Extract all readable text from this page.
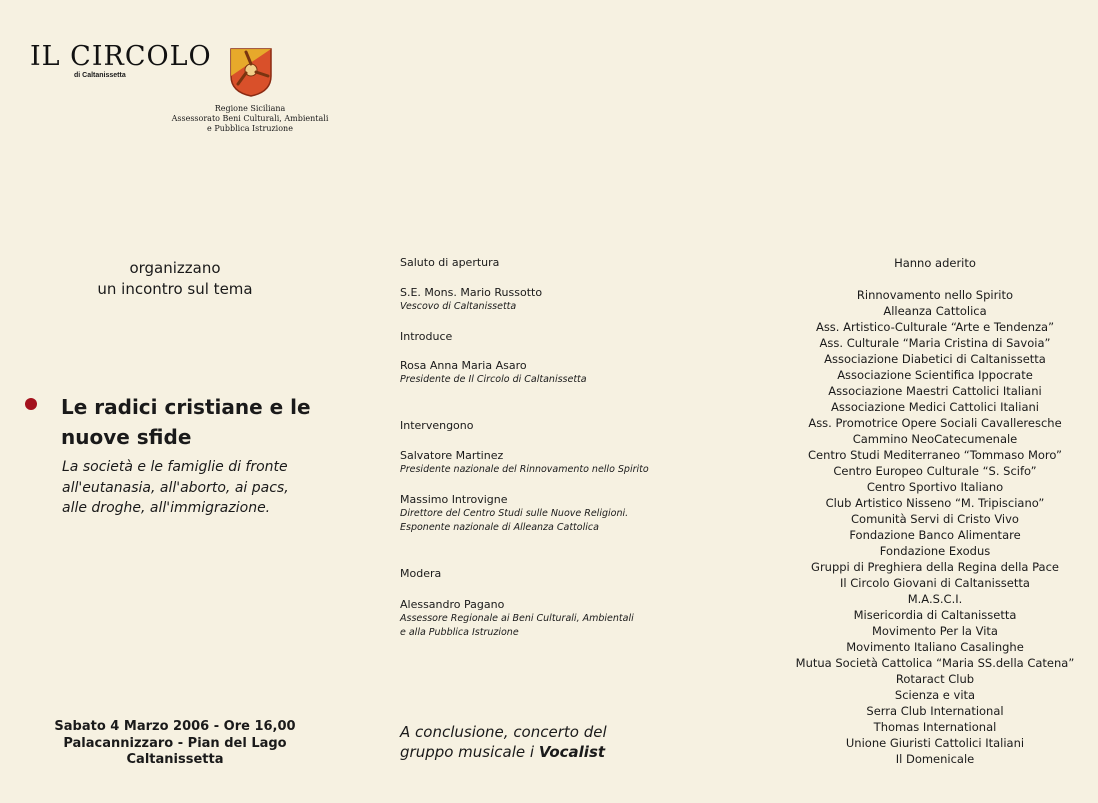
IL CIRCOLO
di Caltanissetta
Regione Siciliana
Assessorato Beni Culturali, Ambientali
e Pubblica Istruzione
organizzano
un incontro sul tema
Le radici cristiane e le
nuove sfide
La società e le famiglie di fronte
all'eutanasia, all'aborto, ai pacs,
alle droghe, all'immigrazione.
Sabato 4 Marzo 2006 - Ore 16,00
Palacannizzaro - Pian del Lago
Caltanissetta
Saluto di apertura
S.E. Mons. Mario Russotto
Vescovo di Caltanissetta
Introduce
Rosa Anna Maria Asaro
Presidente de Il Circolo di Caltanissetta
Intervengono
Salvatore Martinez
Presidente nazionale del Rinnovamento nello Spirito
Massimo Introvigne
Direttore del Centro Studi sulle Nuove Religioni.
Esponente nazionale di Alleanza Cattolica
Modera
Alessandro Pagano
Assessore Regionale ai Beni Culturali, Ambientali
e alla Pubblica Istruzione
A conclusione, concerto del
gruppo musicale i Vocalist
Hanno aderito
Rinnovamento nello Spirito
Alleanza Cattolica
Ass. Artistico-Culturale “Arte e Tendenza”
Ass. Culturale “Maria Cristina di Savoia”
Associazione Diabetici di Caltanissetta
Associazione Scientifica Ippocrate
Associazione Maestri Cattolici Italiani
Associazione Medici Cattolici Italiani
Ass. Promotrice Opere Sociali Cavalleresche
Cammino NeoCatecumenale
Centro Studi Mediterraneo “Tommaso Moro”
Centro Europeo Culturale “S. Scifo”
Centro Sportivo Italiano
Club Artistico Nisseno “M. Tripisciano”
Comunità Servi di Cristo Vivo
Fondazione Banco Alimentare
Fondazione Exodus
Gruppi di Preghiera della Regina della Pace
Il Circolo Giovani di Caltanissetta
M.A.S.C.I.
Misericordia di Caltanissetta
Movimento Per la Vita
Movimento Italiano Casalinghe
Mutua Società Cattolica “Maria SS.della Catena”
Rotaract Club
Scienza e vita
Serra Club International
Thomas International
Unione Giuristi Cattolici Italiani
Il Domenicale
